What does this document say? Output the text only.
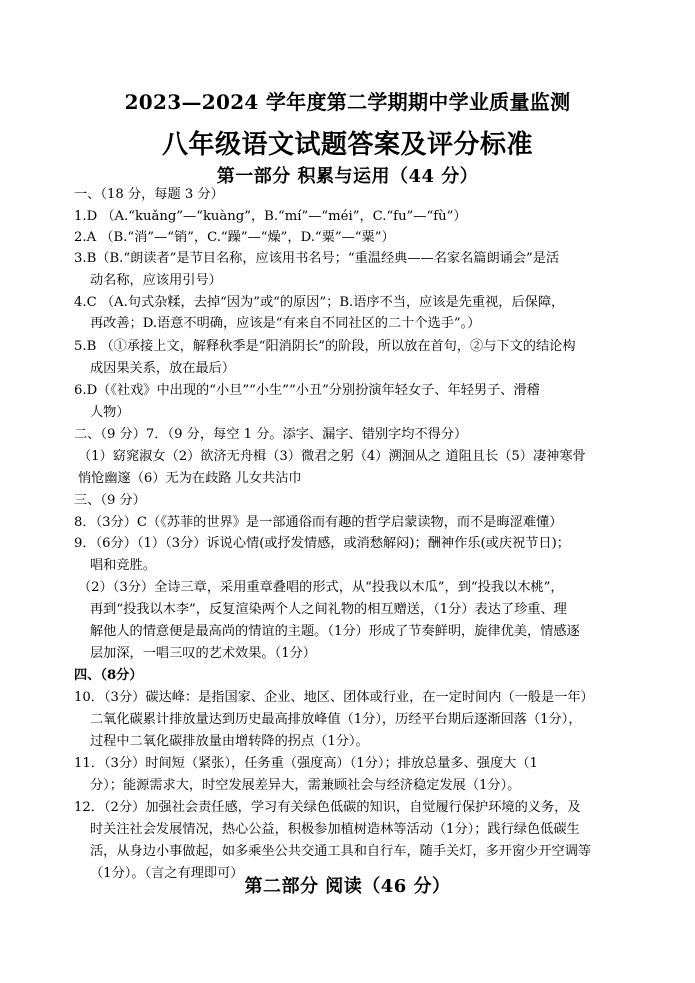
2023—2024 学年度第二学期期中学业质量监测
八年级语文试题答案及评分标准
第一部分 积累与运用（44 分）
一、（18 分，每题 3 分）
1.D （A.“kuǎng”—“kuàng”，B.“mí”—“méi”，C.“fu”—“fù”）
2.A （B.“消”—“销”，C.“躁”—“燥”，D.“粟”—“粟”）
3.B（B.“朗读者”是节目名称，应该用书名号；“重温经典——名家名篇朗诵会”是活
动名称，应该用引号）
4.C （A.句式杂糅，去掉“因为”或“的原因”；B.语序不当，应该是先重视，后保障，
再改善；D.语意不明确，应该是“有来自不同社区的二十个选手”。）
5.B （①承接上文，解释秋季是“阳消阴长”的阶段，所以放在首句，②与下文的结论构
成因果关系，放在最后）
6.D（《社戏》中出现的“小旦”“小生”“小丑”分别扮演年轻女子、年轻男子、滑稽
人物）
二、（9 分）7．（9 分，每空 1 分。添字、漏字、错别字均不得分）
（1）窈窕淑女（2）欲济无舟楫（3）微君之躬（4）溯洄从之 道阻且长（5）凄神寒骨
悄怆幽邃（6）无为在歧路 儿女共沾巾
三、（9 分）
8．（3分）C（《苏菲的世界》是一部通俗而有趣的哲学启蒙读物，而不是晦涩难懂）
9．（6分）（1）（3分）诉说心情(或抒发情感，或消愁解闷)；酬神作乐(或庆祝节日)；
唱和竞胜。
（2）（3分）全诗三章，采用重章叠唱的形式，从“投我以木瓜”，到“投我以木桃”，
再到“投我以木李”，反复渲染两个人之间礼物的相互赠送，（1分）表达了珍重、理
解他人的情意便是最高尚的情谊的主题。（1分）形成了节奏鲜明，旋律优美，情感逐
层加深，一唱三叹的艺术效果。（1分）
四、（8分）
10．（3分）碳达峰：是指国家、企业、地区、团体或行业，在一定时间内（一般是一年）
二氧化碳累计排放量达到历史最高排放峰值（1分），历经平台期后逐渐回落（1分），
过程中二氧化碳排放量由增转降的拐点（1分）。
11．（3分）时间短（紧张），任务重（强度高）（1分）；排放总量多、强度大（1
分）；能源需求大，时空发展差异大，需兼顾社会与经济稳定发展（1分）。
12．（2分）加强社会责任感，学习有关绿色低碳的知识，自觉履行保护环境的义务，及
时关注社会发展情况，热心公益，积极参加植树造林等活动（1分）；践行绿色低碳生
活，从身边小事做起，如多乘坐公共交通工具和自行车，随手关灯，多开窗少开空调等
（1分）。（言之有理即可）
第二部分 阅读（46 分）
